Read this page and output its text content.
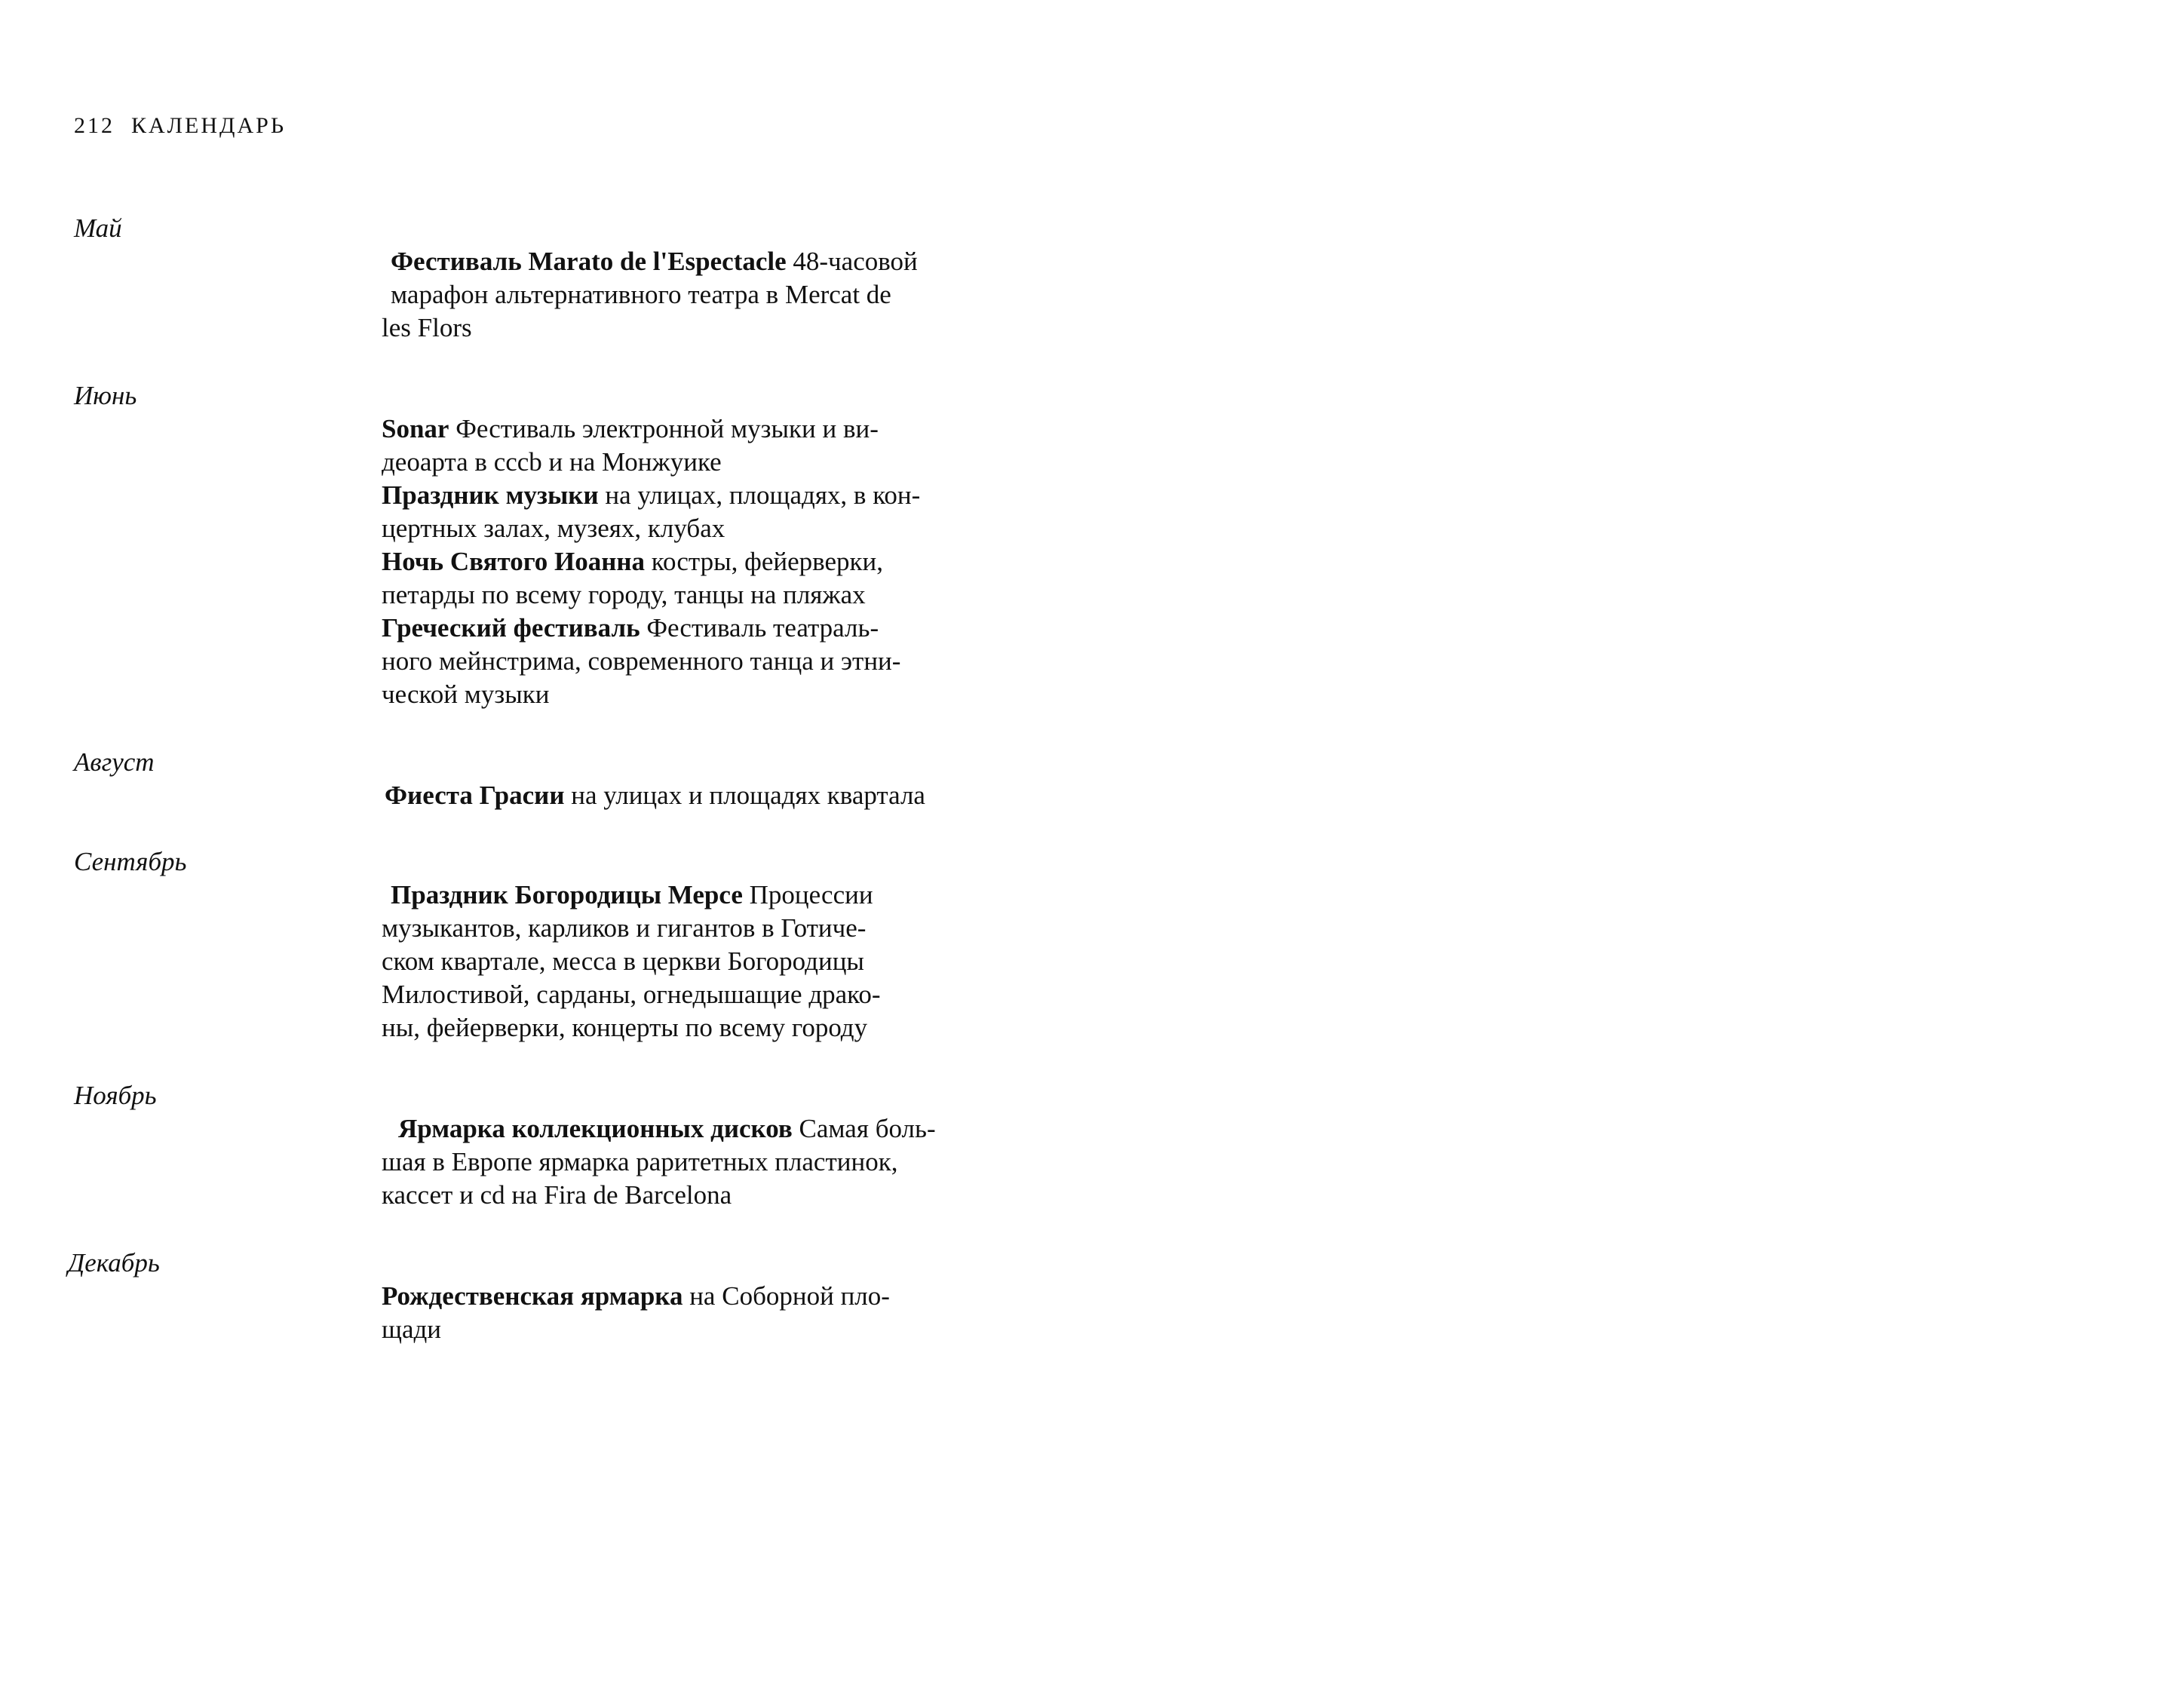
212 КАЛЕНДАРЬ
Май
Фестиваль Marato de l'Espectacle 48-часовой
марафон альтернативного театра в Mercat de
les Flors
Июнь
Sonar Фестиваль электронной музыки и ви-
деоарта в cccb и на Монжуике
Праздник музыки на улицах, площадях, в кон-
цертных залах, музеях, клубах
Ночь Святого Иоанна костры, фейерверки,
петарды по всему городу, танцы на пляжах
Греческий фестиваль Фестиваль театраль-
ного мейнстрима, современного танца и этни-
ческой музыки
Август
Фиеста Грасии на улицах и площадях квартала
Сентябрь
Праздник Богородицы Мерсе Процессии
музыкантов, карликов и гигантов в Готиче-
ском квартале, месса в церкви Богородицы
Милостивой, сарданы, огнедышащие драко-
ны, фейерверки, концерты по всему городу
Ноябрь
Ярмарка коллекционных дисков Самая боль-
шая в Европе ярмарка раритетных пластинок,
кассет и cd на Fira de Barcelona
Декабрь
Рождественская ярмарка на Соборной пло-
щади
